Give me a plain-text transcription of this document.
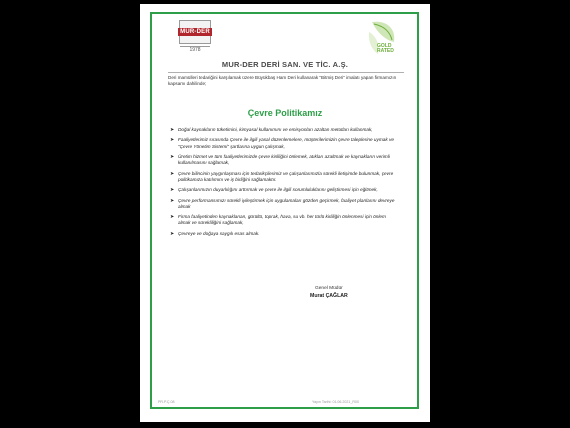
MUR-DER
1978
GOLD
RATED
MUR-DER DERİ SAN. VE TİC. A.Ş.
Deri mamülleri tedariğini karşılamak üzere Büyükbaş Ham Deri kullanarak "Bitmiş Deri" imalatı yapan firmamızın kapsamı dahilinde;
Çevre Politikamız
➤ Doğal kaynakların tüketimini, kimyasal kullanımını ve emisyonları azaltan metotları kullanmak,
➤ Faaliyetlerimiz sırasında Çevre ile ilgili yasal düzenlemelere, müşterilerimizin çevre taleplerine uymak ve "Çevre Yönetim Sistemi" şartlarına uygun çalışmak,
➤ Üretim hizmet ve tüm faaliyetlerimizde çevre kirliliğini önlemek, atıkları azaltmak ve kaynakların verimli kullanılmasını sağlamak,
➤ Çevre bilincinin yaygınlaşması için tedarikçilerimiz ve çalışanlarımızla sürekli iletişimde bulunmak, çevre politikamıza katılımını ve iş birliğini sağlamaktır.
➤ Çalışanlarımızın duyarlılığını arttırmak ve çevre ile ilgili sorumluluklarını geliştirmesi için eğitmek,
➤ Çevre performansımızı sürekli iyileştirmek için uygulamaları gözden geçirmek, faaliyet planlarını devreye almak
➤ Firma faaliyetinden kaynaklanan, gürültü, toprak, hava, su vb. her türlü kirliliğin önlenmesi için önlem almak ve sürekliliğini sağlamak,
➤ Çevreye ve doğaya saygılı esas almak.
Genel Müdür
Murat ÇAĞLAR
PR.P.Ç.08	Yayın Tarihi: 01.06.2021_R00
